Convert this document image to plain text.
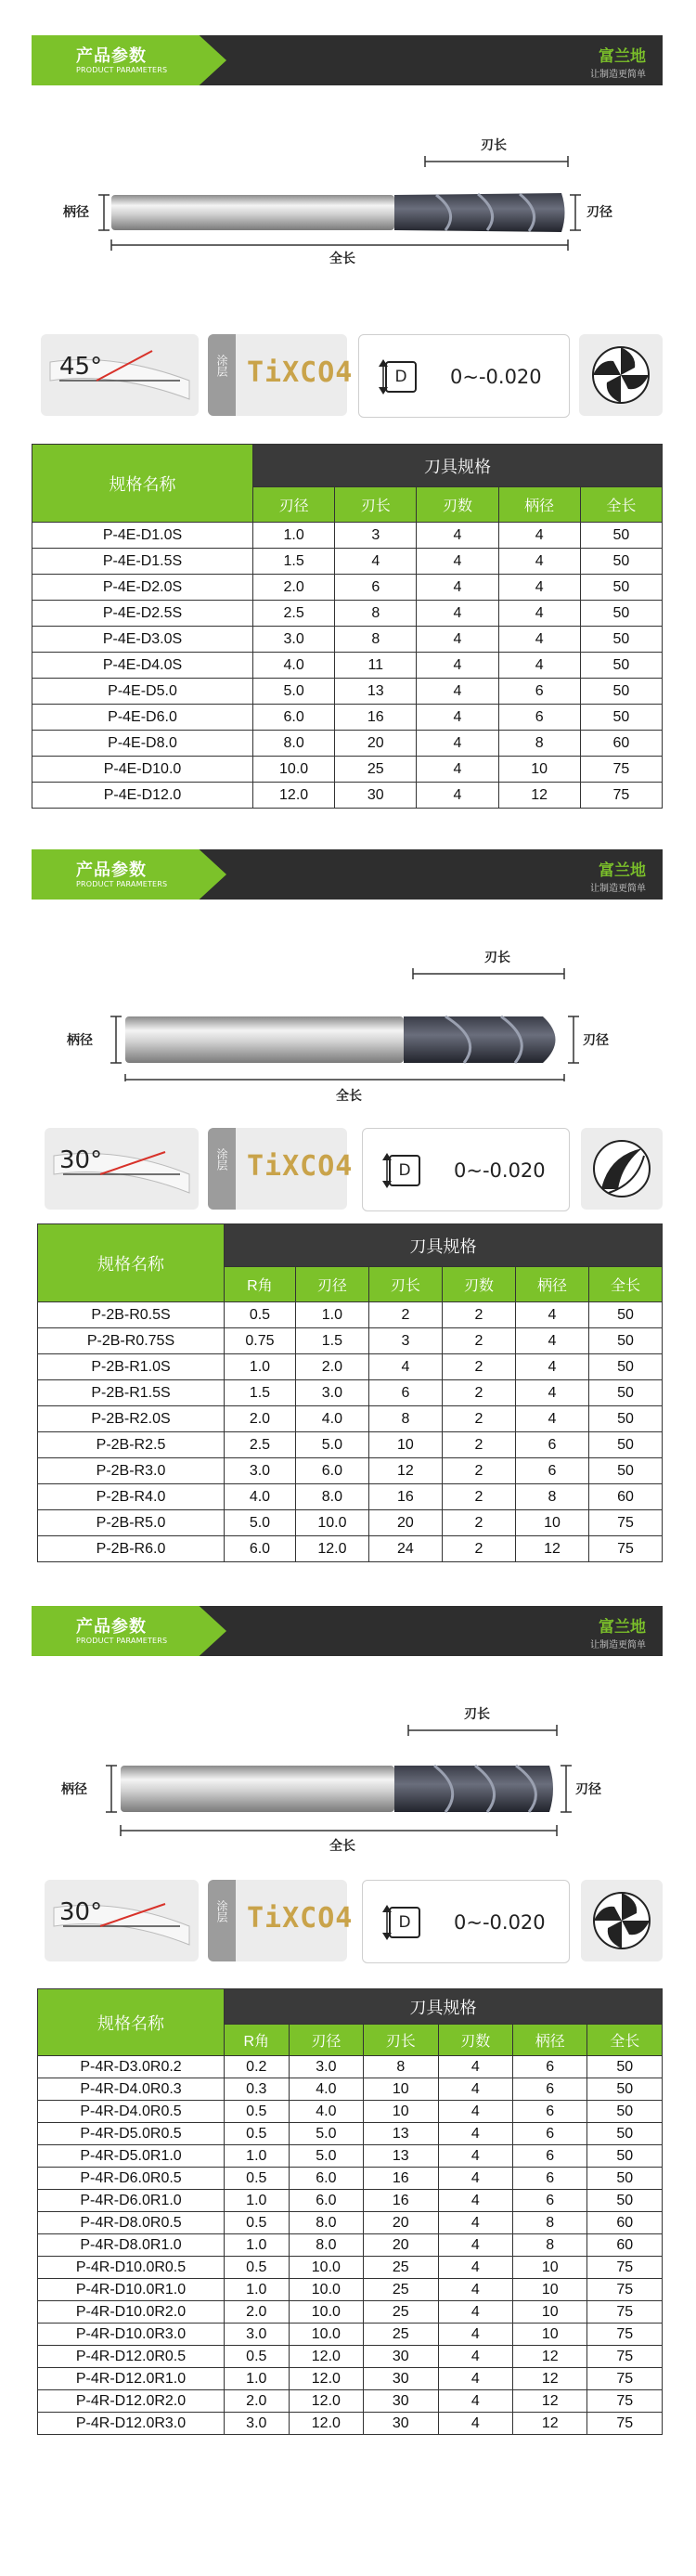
产品参数
PRODUCT PARAMETERS
富兰地
让制造更简单
刃长
柄径	刃径
全长
45°	涂层 TiXCO4	D	0~-0.020
规格名称	刀具规格				
	刃径	刃长	刃数	柄径	全长
P-4E-D1.0S	1.0	3	4	4	50
P-4E-D1.5S	1.5	4	4	4	50
P-4E-D2.0S	2.0	6	4	4	50
P-4E-D2.5S	2.5	8	4	4	50
P-4E-D3.0S	3.0	8	4	4	50
P-4E-D4.0S	4.0	11	4	4	50
P-4E-D5.0	5.0	13	4	6	50
P-4E-D6.0	6.0	16	4	6	50
P-4E-D8.0	8.0	20	4	8	60
P-4E-D10.0	10.0	25	4	10	75
P-4E-D12.0	12.0	30	4	12	75
产品参数
PRODUCT PARAMETERS
富兰地
让制造更简单
刃长
柄径	刃径
全长
30°	涂层 TiXCO4	D	0~-0.020
规格名称	刀具规格					
	R角	刃径	刃长	刃数	柄径	全长
P-2B-R0.5S	0.5	1.0	2	2	4	50
P-2B-R0.75S	0.75	1.5	3	2	4	50
P-2B-R1.0S	1.0	2.0	4	2	4	50
P-2B-R1.5S	1.5	3.0	6	2	4	50
P-2B-R2.0S	2.0	4.0	8	2	4	50
P-2B-R2.5	2.5	5.0	10	2	6	50
P-2B-R3.0	3.0	6.0	12	2	6	50
P-2B-R4.0	4.0	8.0	16	2	8	60
P-2B-R5.0	5.0	10.0	20	2	10	75
P-2B-R6.0	6.0	12.0	24	2	12	75
产品参数
PRODUCT PARAMETERS
富兰地
让制造更简单
刃长
柄径	刃径
全长
30°	涂层 TiXCO4	D	0~-0.020
规格名称	刀具规格					
	R角	刃径	刃长	刃数	柄径	全长
P-4R-D3.0R0.2	0.2	3.0	8	4	6	50
P-4R-D4.0R0.3	0.3	4.0	10	4	6	50
P-4R-D4.0R0.5	0.5	4.0	10	4	6	50
P-4R-D5.0R0.5	0.5	5.0	13	4	6	50
P-4R-D5.0R1.0	1.0	5.0	13	4	6	50
P-4R-D6.0R0.5	0.5	6.0	16	4	6	50
P-4R-D6.0R1.0	1.0	6.0	16	4	6	50
P-4R-D8.0R0.5	0.5	8.0	20	4	8	60
P-4R-D8.0R1.0	1.0	8.0	20	4	8	60
P-4R-D10.0R0.5	0.5	10.0	25	4	10	75
P-4R-D10.0R1.0	1.0	10.0	25	4	10	75
P-4R-D10.0R2.0	2.0	10.0	25	4	10	75
P-4R-D10.0R3.0	3.0	10.0	25	4	10	75
P-4R-D12.0R0.5	0.5	12.0	30	4	12	75
P-4R-D12.0R1.0	1.0	12.0	30	4	12	75
P-4R-D12.0R2.0	2.0	12.0	30	4	12	75
P-4R-D12.0R3.0	3.0	12.0	30	4	12	75
